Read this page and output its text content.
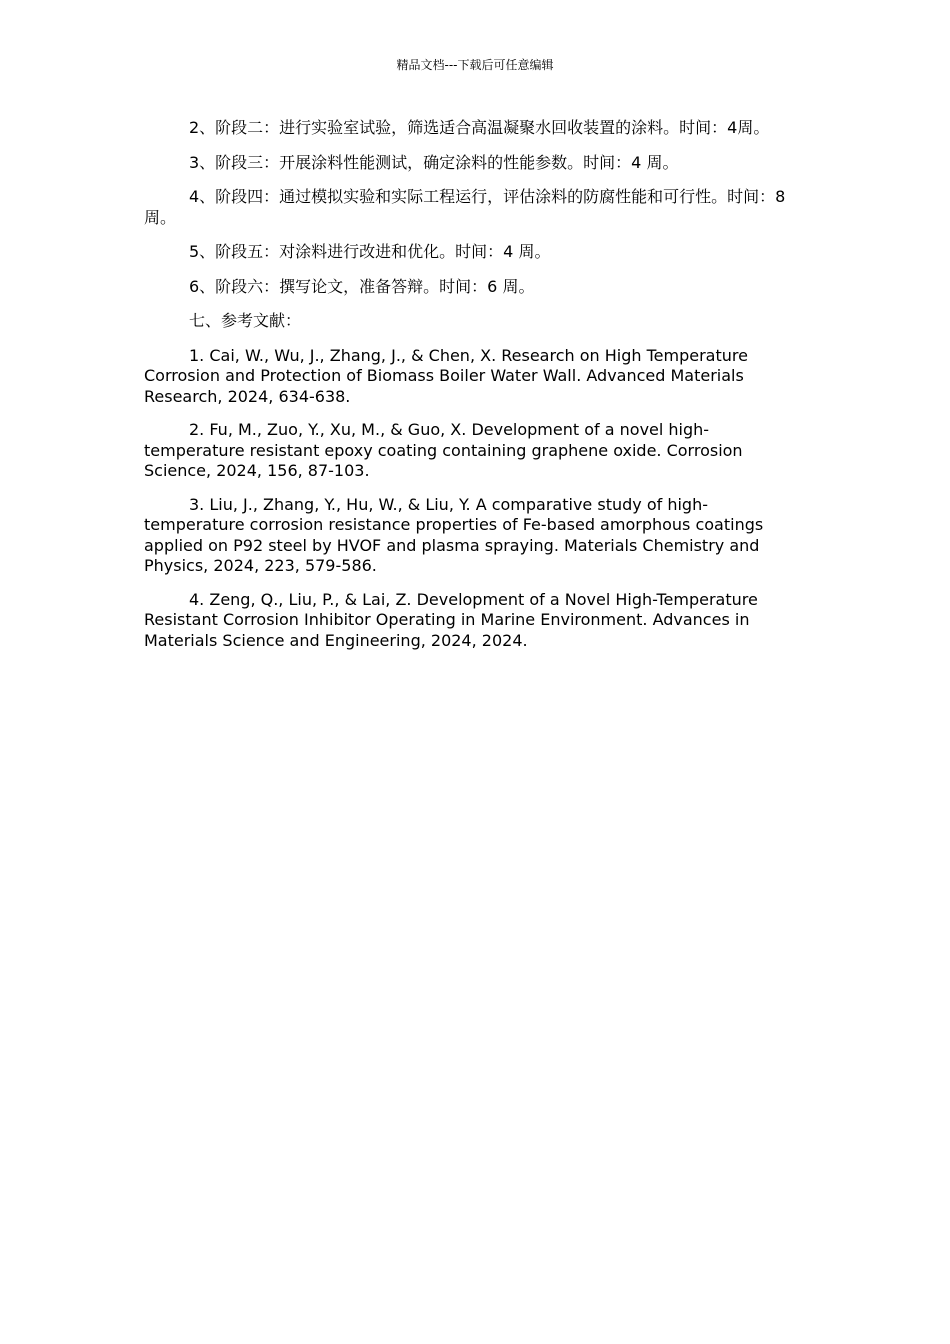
精品文档---下载后可任意编辑

2、阶段二：进行实验室试验，筛选适合高温凝聚水回收装置的涂料。时间：4周。

3、阶段三：开展涂料性能测试，确定涂料的性能参数。时间：4 周。

4、阶段四：通过模拟实验和实际工程运行，评估涂料的防腐性能和可行性。时间：8 周。

5、阶段五：对涂料进行改进和优化。时间：4 周。

6、阶段六：撰写论文，准备答辩。时间：6 周。

七、参考文献：

1. Cai, W., Wu, J., Zhang, J., & Chen, X. Research on High Temperature Corrosion and Protection of Biomass Boiler Water Wall. Advanced Materials Research, 2024, 634-638.

2. Fu, M., Zuo, Y., Xu, M., & Guo, X. Development of a novel high-temperature resistant epoxy coating containing graphene oxide. Corrosion Science, 2024, 156, 87-103.

3. Liu, J., Zhang, Y., Hu, W., & Liu, Y. A comparative study of high-temperature corrosion resistance properties of Fe-based amorphous coatings applied on P92 steel by HVOF and plasma spraying. Materials Chemistry and Physics, 2024, 223, 579-586.

4. Zeng, Q., Liu, P., & Lai, Z. Development of a Novel High-Temperature Resistant Corrosion Inhibitor Operating in Marine Environment. Advances in Materials Science and Engineering, 2024, 2024.
